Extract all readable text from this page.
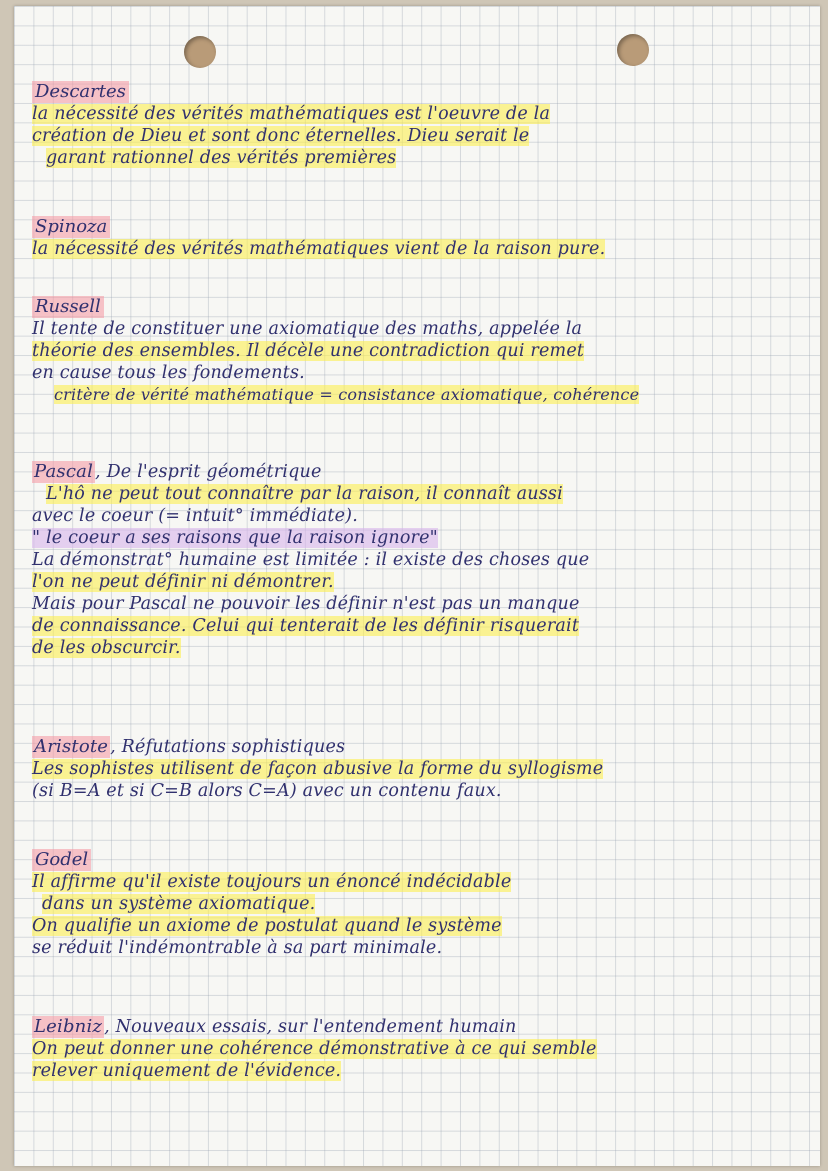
Descartes
la nécessité des vérités mathématiques est l'oeuvre de la
création de Dieu et sont donc éternelles. Dieu serait le
garant rationnel des vérités premières
Spinoza
la nécessité des vérités mathématiques vient de la raison pure.
Russell
Il tente de constituer une axiomatique des maths, appelée la
théorie des ensembles. Il décèle une contradiction qui remet
en cause tous les fondements.
critère de vérité mathématique = consistance axiomatique, cohérence
Pascal , De l'esprit géométrique
L'hô ne peut tout connaître par la raison, il connaît aussi
avec le coeur (= intuit° immédiate).
" le coeur a ses raisons que la raison ignore"
La démonstrat° humaine est limitée : il existe des choses que
l'on ne peut définir ni démontrer.
Mais pour Pascal ne pouvoir les définir n'est pas un manque
de connaissance. Celui qui tenterait de les définir risquerait
de les obscurcir.
Aristote , Réfutations sophistiques
Les sophistes utilisent de façon abusive la forme du syllogisme
(si B=A et si C=B alors C=A) avec un contenu faux.
Godel
Il affirme qu'il existe toujours un énoncé indécidable
dans un système axiomatique.
On qualifie un axiome de postulat quand le système
se réduit l'indémontrable à sa part minimale.
Leibniz , Nouveaux essais, sur l'entendement humain
On peut donner une cohérence démonstrative à ce qui semble
relever uniquement de l'évidence.
